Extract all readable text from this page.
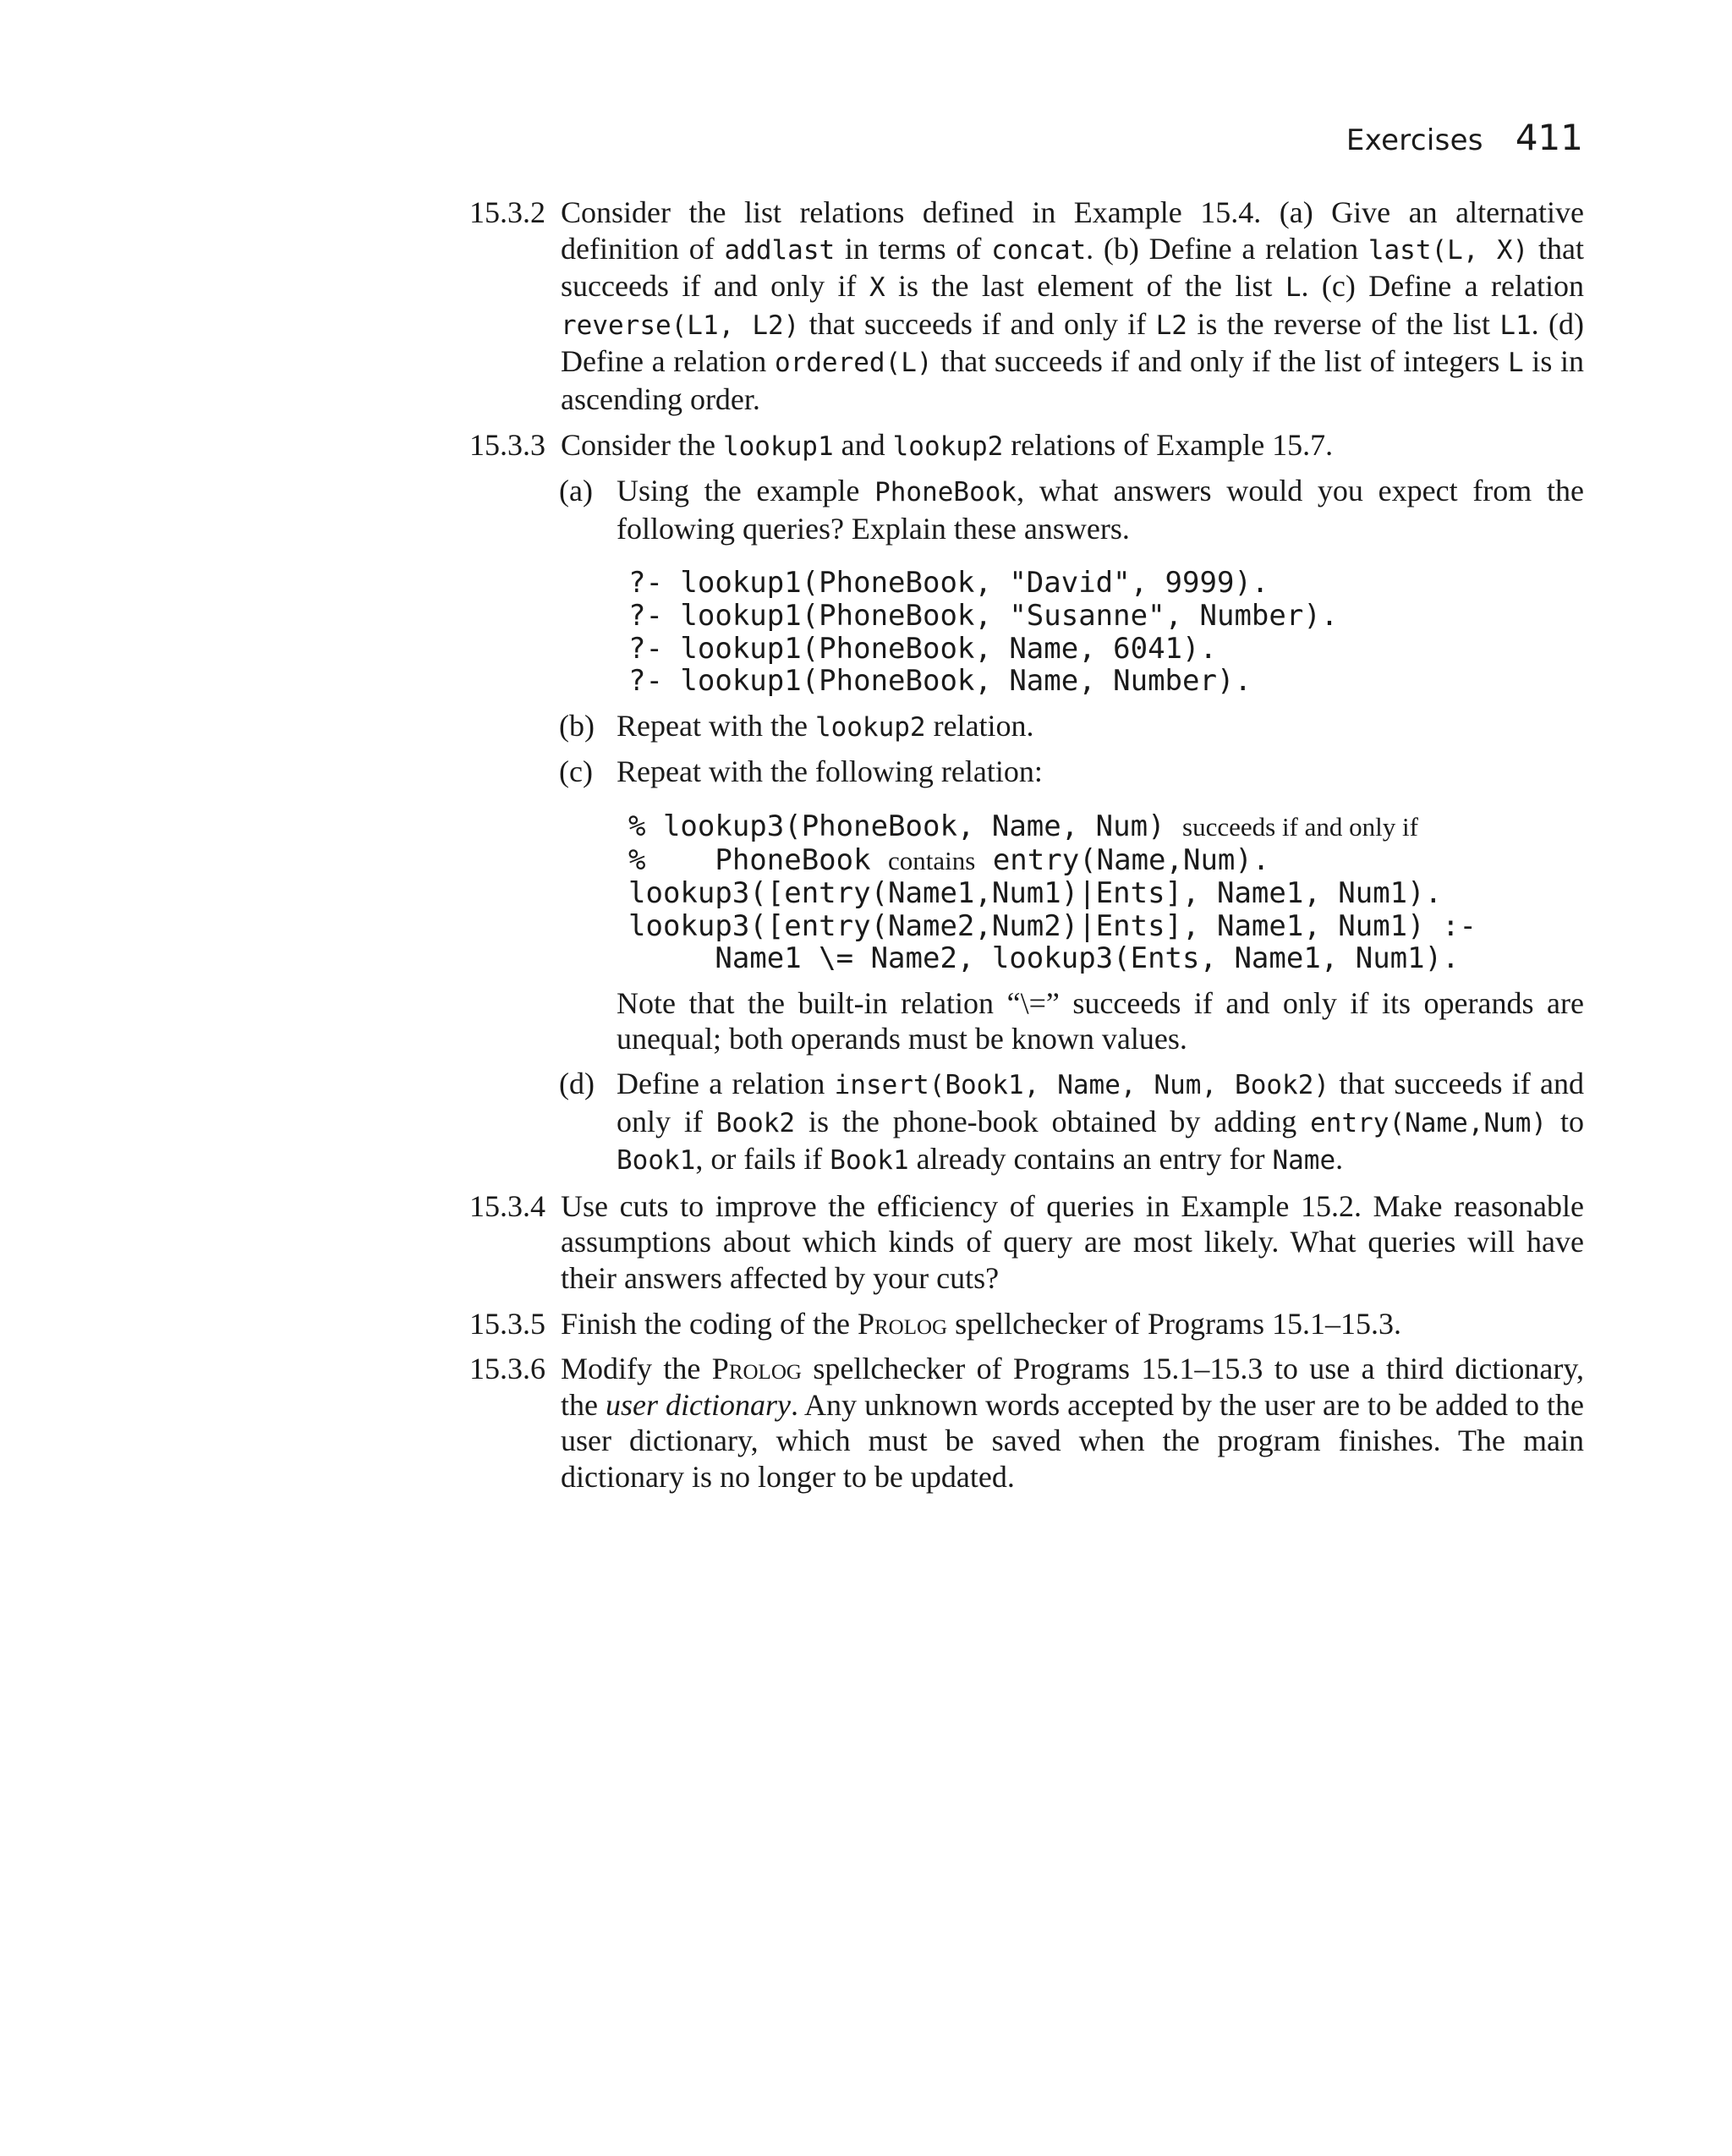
Exercises 411
15.3.2 Consider the list relations defined in Example 15.4. (a) Give an alternative definition of addlast in terms of concat. (b) Define a relation last(L, X) that succeeds if and only if X is the last element of the list L. (c) Define a relation reverse(L1, L2) that succeeds if and only if L2 is the reverse of the list L1. (d) Define a relation ordered(L) that succeeds if and only if the list of integers L is in ascending order.

15.3.3 Consider the lookup1 and lookup2 relations of Example 15.7.

(a) Using the example PhoneBook, what answers would you expect from the following queries? Explain these answers.

?- lookup1(PhoneBook, "David", 9999).
?- lookup1(PhoneBook, "Susanne", Number).
?- lookup1(PhoneBook, Name, 6041).
?- lookup1(PhoneBook, Name, Number).
(b) Repeat with the lookup2 relation.

(c) Repeat with the following relation:

% lookup3(PhoneBook, Name, Num) succeeds if and only if
%    PhoneBook contains entry(Name,Num).
lookup3([entry(Name1,Num1)|Ents], Name1, Num1).
lookup3([entry(Name2,Num2)|Ents], Name1, Num1) :-
Name1 \= Name2, lookup3(Ents, Name1, Num1).

Note that the built-in relation “\=” succeeds if and only if its operands are unequal; both operands must be known values.

(d) Define a relation insert(Book1, Name, Num, Book2) that succeeds if and only if Book2 is the phone-book obtained by adding entry(Name,Num) to Book1, or fails if Book1 already contains an entry for Name.

15.3.4 Use cuts to improve the efficiency of queries in Example 15.2. Make reasonable assumptions about which kinds of query are most likely. What queries will have their answers affected by your cuts?

15.3.5 Finish the coding of the Prolog spellchecker of Programs 15.1–15.3.

15.3.6 Modify the Prolog spellchecker of Programs 15.1–15.3 to use a third dictionary, the user dictionary. Any unknown words accepted by the user are to be added to the user dictionary, which must be saved when the program finishes. The main dictionary is no longer to be updated.
